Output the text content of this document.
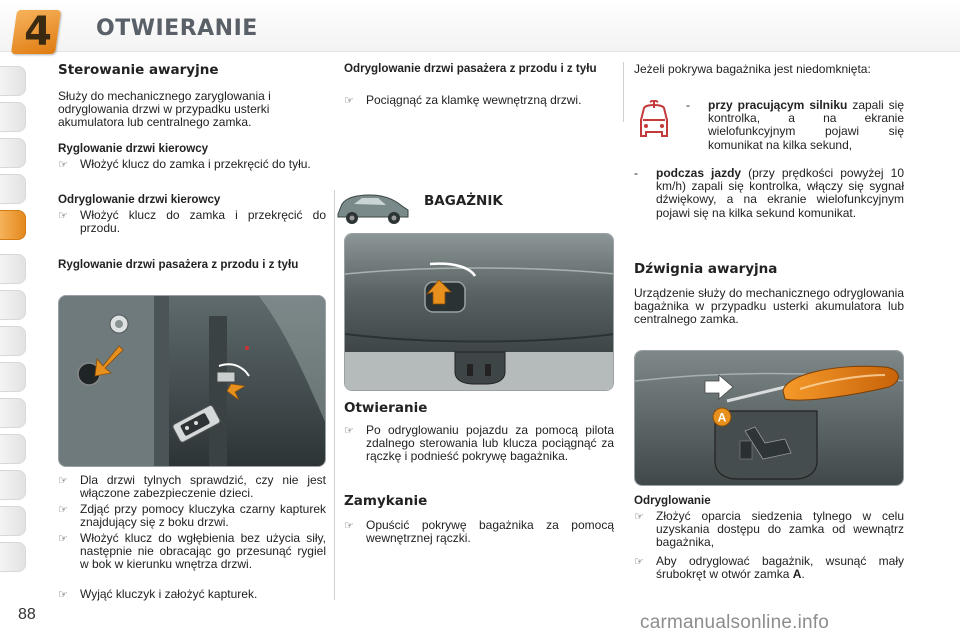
4	OTWIERANIE
Sterowanie awaryjne
Służy do mechanicznego zaryglowania i odryglowania drzwi w przypadku usterki akumulatora lub centralnego zamka.
Ryglowanie drzwi kierowcy
☞	Włożyć klucz do zamka i przekręcić do tyłu.
Odryglowanie drzwi kierowcy
☞	Włożyć klucz do zamka i przekręcić do przodu.
Ryglowanie drzwi pasażera z przodu i z tyłu
☞	Dla drzwi tylnych sprawdzić, czy nie jest włączone zabezpieczenie dzieci.
☞	Zdjąć przy pomocy kluczyka czarny kapturek znajdujący się z boku drzwi.
☞	Włożyć klucz do wgłębienia bez użycia siły, następnie nie obracając go przesunąć rygiel w bok w kierunku wnętrza drzwi.
☞	Wyjąć kluczyk i założyć kapturek.
Odryglowanie drzwi pasażera z przodu i z tyłu
☞	Pociągnąć za klamkę wewnętrzną drzwi.
BAGAŻNIK
Otwieranie
☞	Po odryglowaniu pojazdu za pomocą pilota zdalnego sterowania lub klucza pociągnąć za rączkę i podnieść pokrywę bagażnika.
Zamykanie
☞	Opuścić pokrywę bagażnika za pomocą wewnętrznej rączki.
Jeżeli pokrywa bagażnika jest niedomknięta:
-	przy pracującym silniku zapali się kontrolka, a na ekranie wielofunkcyjnym pojawi się komunikat na kilka sekund,
-	podczas jazdy (przy prędkości powyżej 10 km/h) zapali się kontrolka, włączy się sygnał dźwiękowy, a na ekranie wielofunkcyjnym pojawi się na kilka sekund komunikat.
Dźwignia awaryjna
Urządzenie służy do mechanicznego odryglowania bagażnika w przypadku usterki akumulatora lub centralnego zamka.
A
Odryglowanie
☞	Złożyć oparcia siedzenia tylnego w celu uzyskania dostępu do zamka od wewnątrz bagażnika,
☞	Aby odryglować bagażnik, wsunąć mały śrubokręt w otwór zamka A.
88	carmanualsonline.info
